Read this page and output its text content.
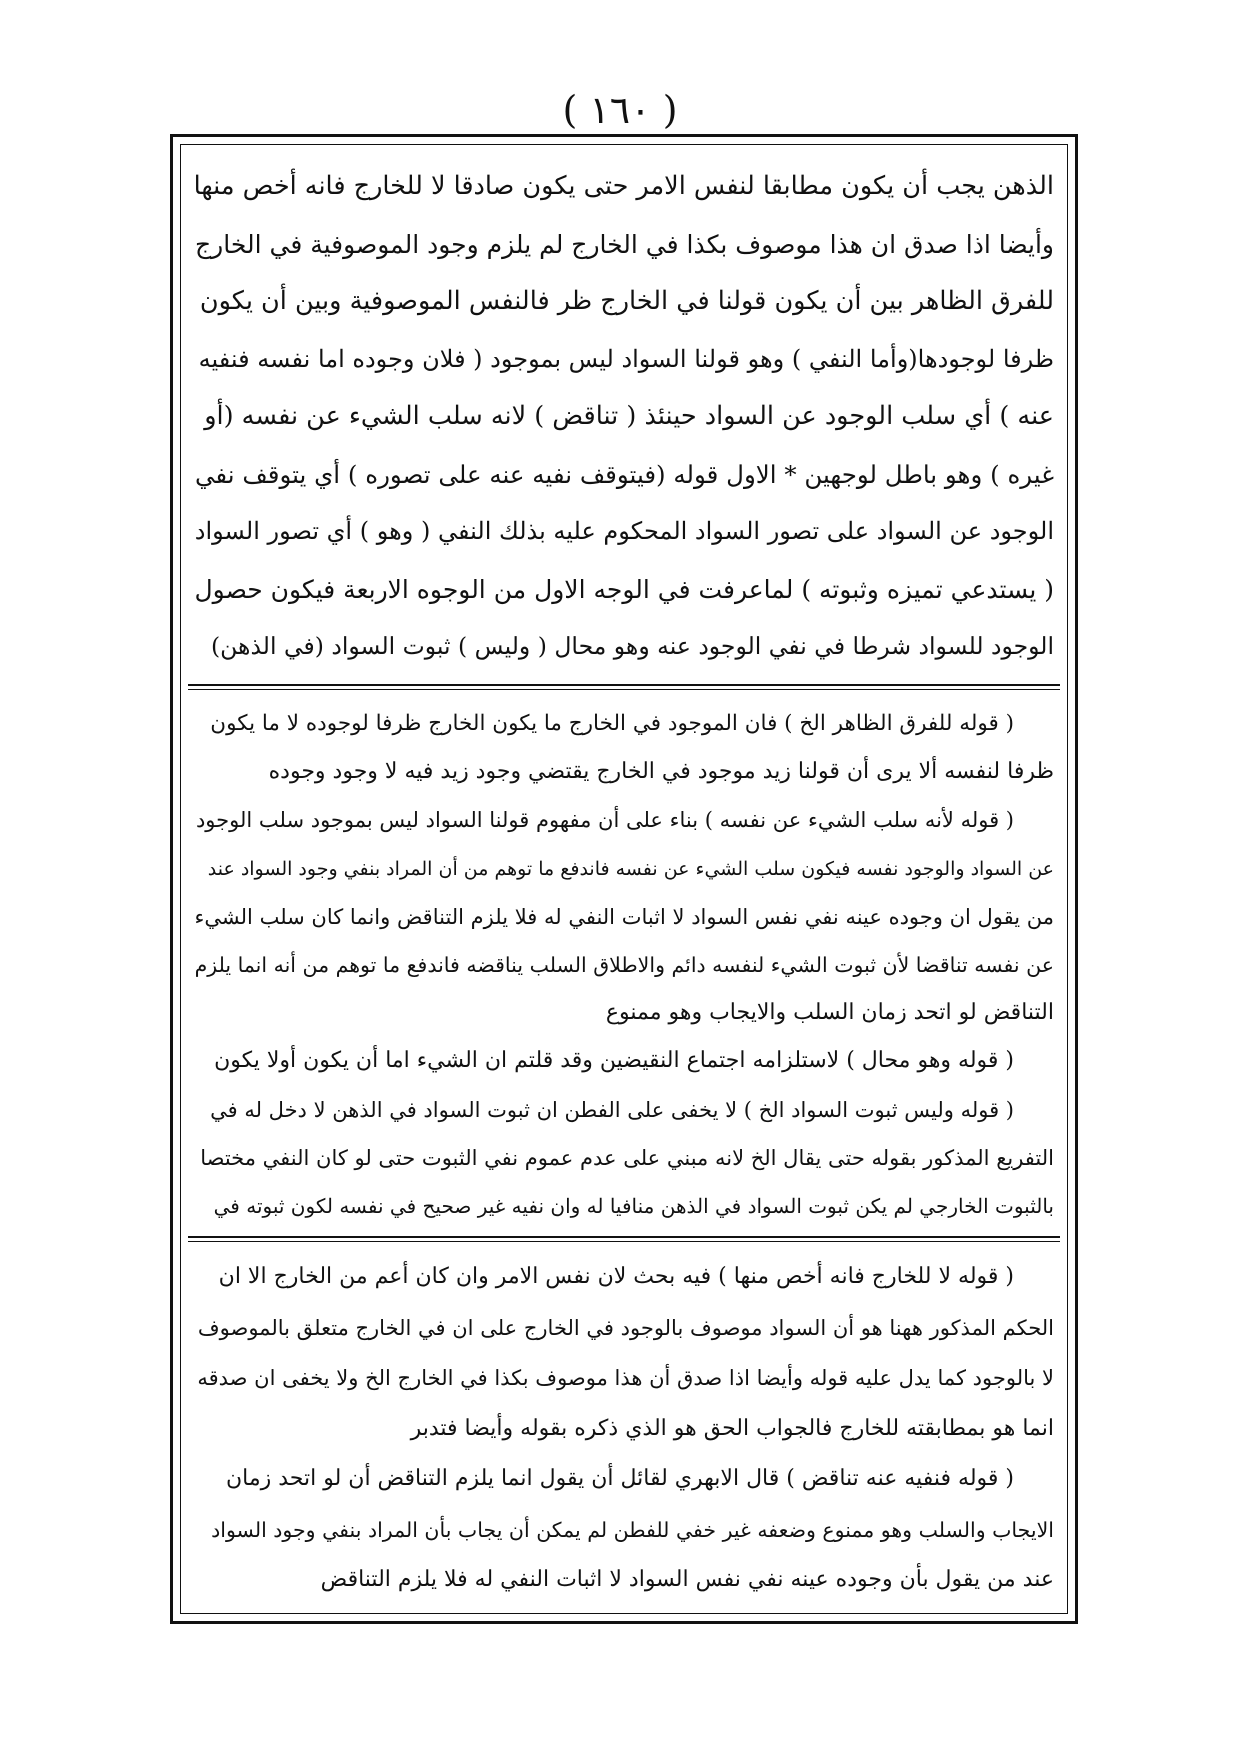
( ١٦٠ )
الذهن يجب أن يكون مطابقا لنفس الامر حتى يكون صادقا لا للخارج فانه أخص منها
وأيضا اذا صدق ان هذا موصوف بكذا في الخارج لم يلزم وجود الموصوفية في الخارج
للفرق الظاهر بين أن يكون قولنا في الخارج ظر فالنفس الموصوفية وبين أن يكون
ظرفا لوجودها(وأما النفي ) وهو قولنا السواد ليس بموجود ( فلان وجوده اما نفسه فنفيه
عنه ) أي سلب الوجود عن السواد حينئذ ( تناقض ) لانه سلب الشيء عن نفسه (أو
غيره ) وهو باطل لوجهين * الاول قوله (فيتوقف نفيه عنه على تصوره ) أي يتوقف نفي
الوجود عن السواد على تصور السواد المحكوم عليه بذلك النفي ( وهو ) أي تصور السواد
( يستدعي تميزه وثبوته ) لماعرفت في الوجه الاول من الوجوه الاربعة فيكون حصول
الوجود للسواد شرطا في نفي الوجود عنه وهو محال ( وليس ) ثبوت السواد (في الذهن)
( قوله للفرق الظاهر الخ ) فان الموجود في الخارج ما يكون الخارج ظرفا لوجوده لا ما يكون
ظرفا لنفسه ألا يرى أن قولنا زيد موجود في الخارج يقتضي وجود زيد فيه لا وجود وجوده
( قوله لأنه سلب الشيء عن نفسه ) بناء على أن مفهوم قولنا السواد ليس بموجود سلب الوجود
عن السواد والوجود نفسه فيكون سلب الشيء عن نفسه فاندفع ما توهم من أن المراد بنفي وجود السواد عند
من يقول ان وجوده عينه نفي نفس السواد لا اثبات النفي له فلا يلزم التناقض وانما كان سلب الشيء
عن نفسه تناقضا لأن ثبوت الشيء لنفسه دائم والاطلاق السلب يناقضه فاندفع ما توهم من أنه انما يلزم
التناقض لو اتحد زمان السلب والايجاب وهو ممنوع
( قوله وهو محال ) لاستلزامه اجتماع النقيضين وقد قلتم ان الشيء اما أن يكون أولا يكون
( قوله وليس ثبوت السواد الخ ) لا يخفى على الفطن ان ثبوت السواد في الذهن لا دخل له في
التفريع المذكور بقوله حتى يقال الخ لانه مبني على عدم عموم نفي الثبوت حتى لو كان النفي مختصا
بالثبوت الخارجي لم يكن ثبوت السواد في الذهن منافيا له وان نفيه غير صحيح في نفسه لكون ثبوته في
( قوله لا للخارج فانه أخص منها ) فيه بحث لان نفس الامر وان كان أعم من الخارج الا ان
الحكم المذكور ههنا هو أن السواد موصوف بالوجود في الخارج على ان في الخارج متعلق بالموصوف
لا بالوجود كما يدل عليه قوله وأيضا اذا صدق أن هذا موصوف بكذا في الخارج الخ ولا يخفى ان صدقه
انما هو بمطابقته للخارج فالجواب الحق هو الذي ذكره بقوله وأيضا فتدبر
( قوله فنفيه عنه تناقض ) قال الابهري لقائل أن يقول انما يلزم التناقض أن لو اتحد زمان
الايجاب والسلب وهو ممنوع وضعفه غير خفي للفطن لم يمكن أن يجاب بأن المراد بنفي وجود السواد
عند من يقول بأن وجوده عينه نفي نفس السواد لا اثبات النفي له فلا يلزم التناقض
